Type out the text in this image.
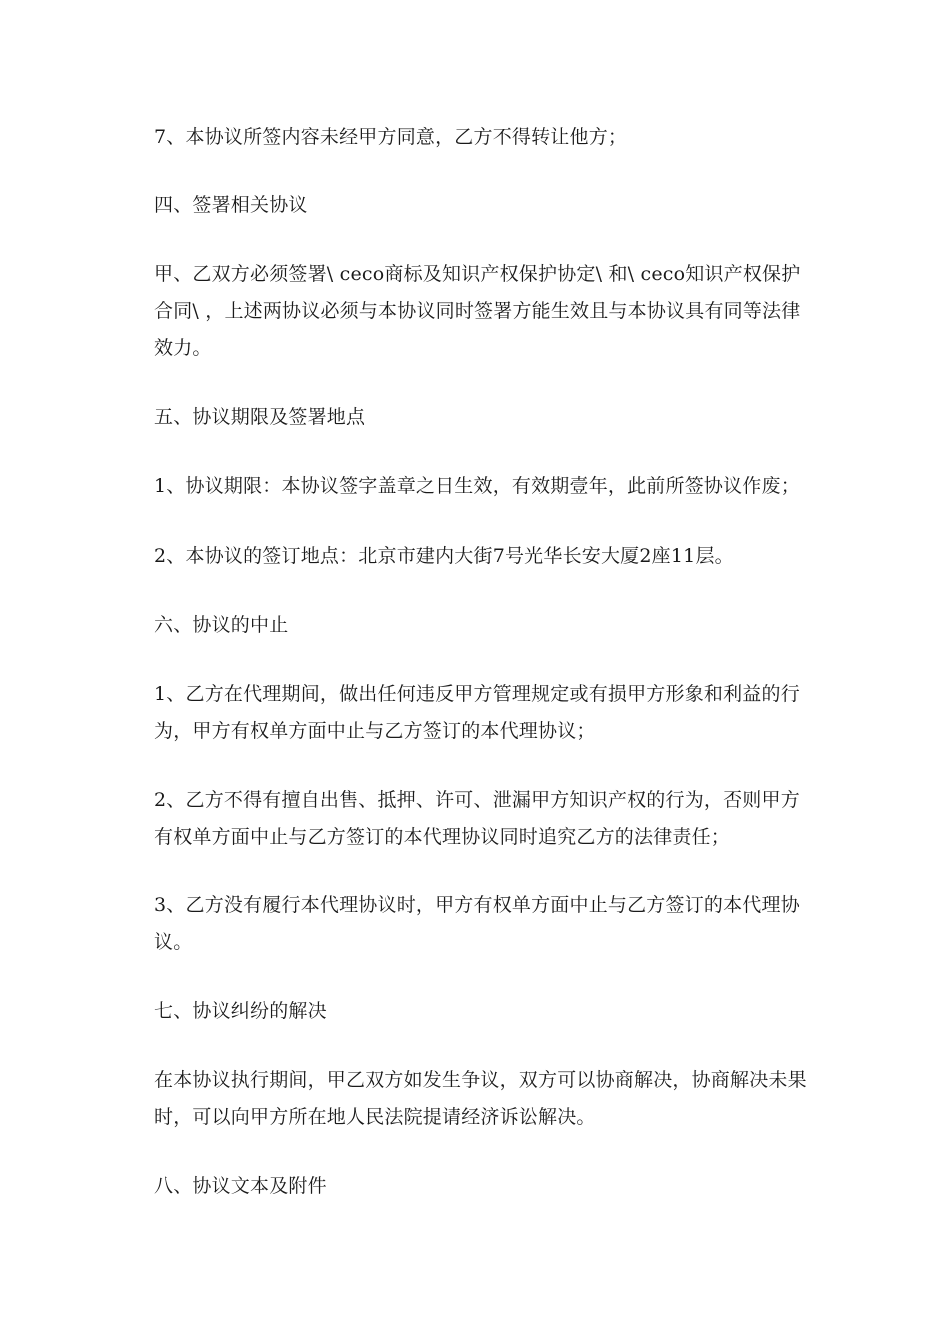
7、本协议所签内容未经甲方同意，乙方不得转让他方；
四、签署相关协议
甲、乙双方必须签署\ ceco商标及知识产权保护协定\ 和\ ceco知识产权保护合同\ ，上述两协议必须与本协议同时签署方能生效且与本协议具有同等法律效力。
五、协议期限及签署地点
1、协议期限：本协议签字盖章之日生效，有效期壹年，此前所签协议作废；
2、本协议的签订地点：北京市建内大街7号光华长安大厦2座11层。
六、协议的中止
1、乙方在代理期间，做出任何违反甲方管理规定或有损甲方形象和利益的行为，甲方有权单方面中止与乙方签订的本代理协议；
2、乙方不得有擅自出售、抵押、许可、泄漏甲方知识产权的行为，否则甲方有权单方面中止与乙方签订的本代理协议同时追究乙方的法律责任；
3、乙方没有履行本代理协议时，甲方有权单方面中止与乙方签订的本代理协议。
七、协议纠纷的解决
在本协议执行期间，甲乙双方如发生争议，双方可以协商解决，协商解决未果时，可以向甲方所在地人民法院提请经济诉讼解决。
八、协议文本及附件
